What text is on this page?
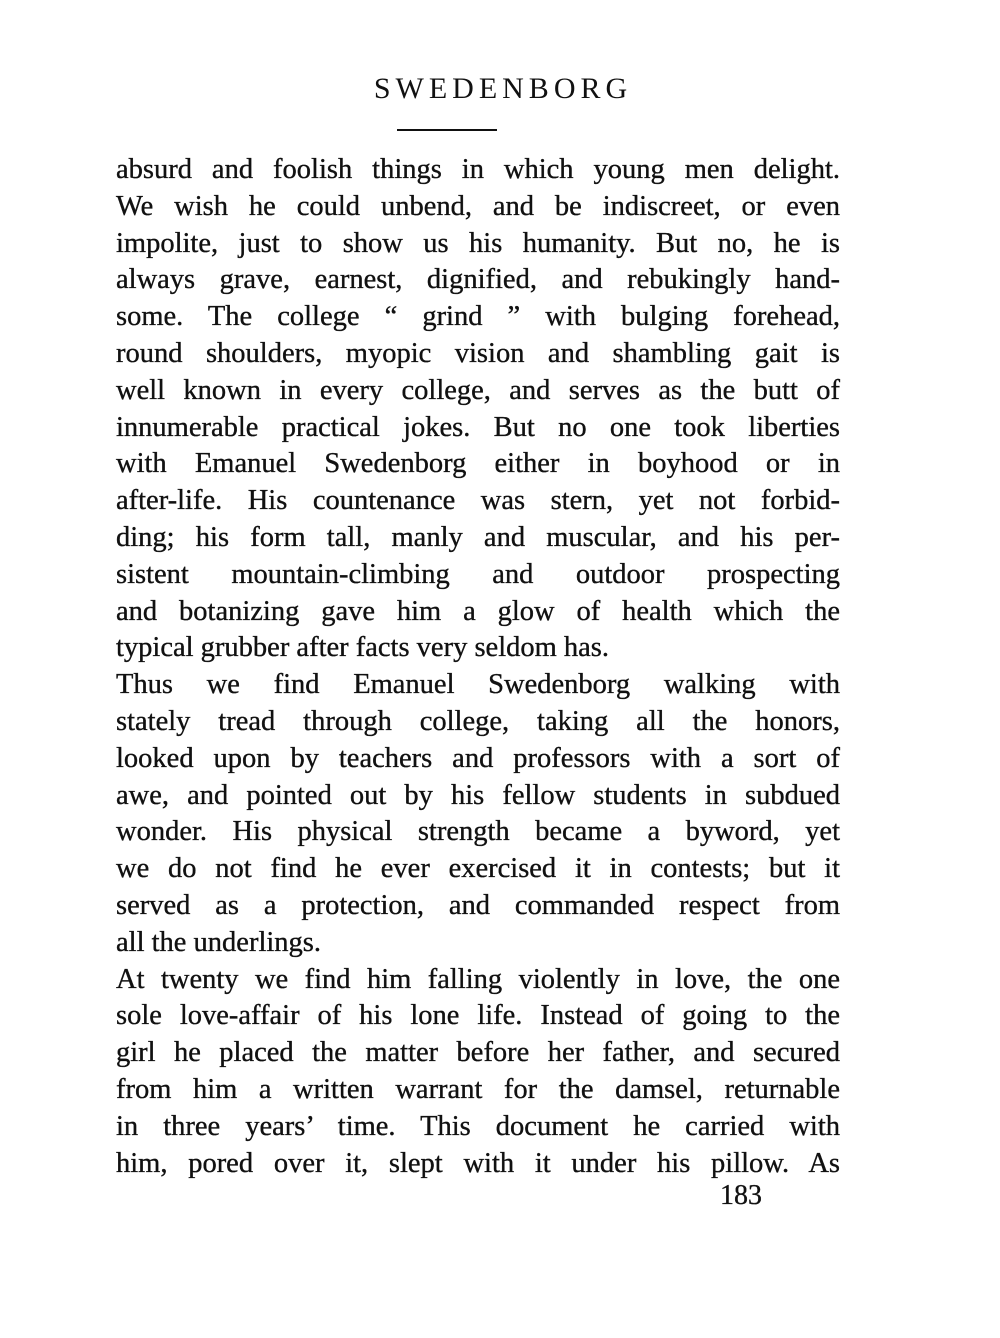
SWEDENBORG
absurd and foolish things in which young men delight.
We wish he could unbend, and be indiscreet, or even
impolite, just to show us his humanity. But no, he is
always grave, earnest, dignified, and rebukingly hand-
some. The college “ grind ” with bulging forehead,
round shoulders, myopic vision and shambling gait is
well known in every college, and serves as the butt of
innumerable practical jokes. But no one took liberties
with Emanuel Swedenborg either in boyhood or in
after-life. His countenance was stern, yet not forbid-
ding; his form tall, manly and muscular, and his per-
sistent mountain-climbing and outdoor prospecting
and botanizing gave him a glow of health which the
typical grubber after facts very seldom has.
Thus we find Emanuel Swedenborg walking with
stately tread through college, taking all the honors,
looked upon by teachers and professors with a sort of
awe, and pointed out by his fellow students in subdued
wonder. His physical strength became a byword, yet
we do not find he ever exercised it in contests; but it
served as a protection, and commanded respect from
all the underlings.
At twenty we find him falling violently in love, the one
sole love-affair of his lone life. Instead of going to the
girl he placed the matter before her father, and secured
from him a written warrant for the damsel, returnable
in three years’ time. This document he carried with
him, pored over it, slept with it under his pillow. As
183
